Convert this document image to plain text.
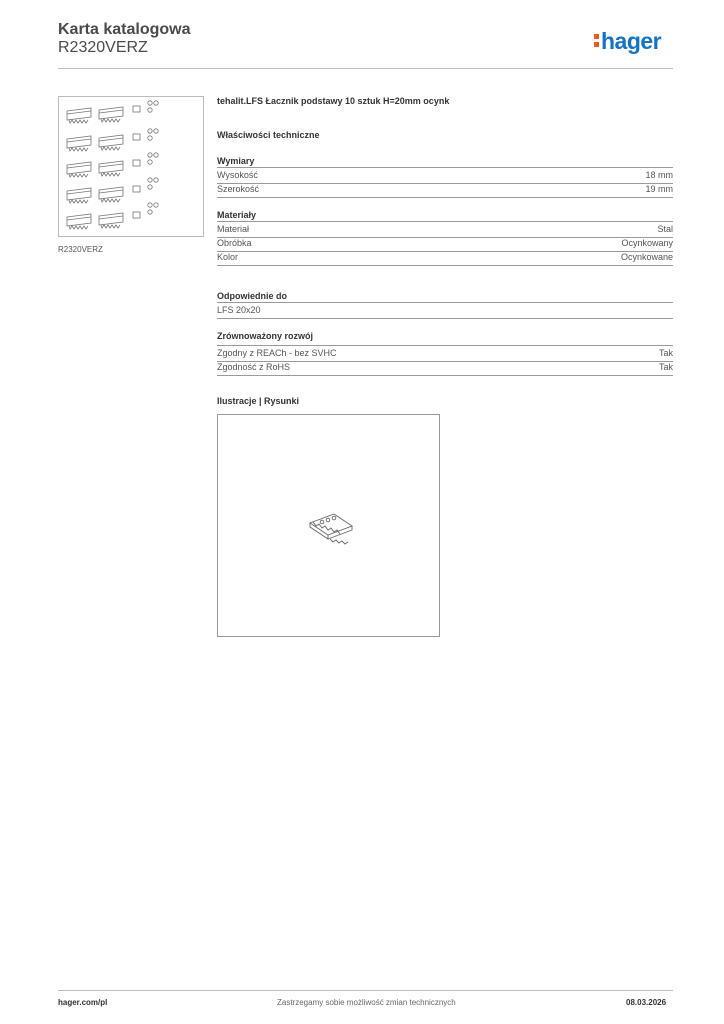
Karta katalogowa
R2320VERZ	hager
R2320VERZ
tehalit.LFS Łacznik podstawy 10 sztuk H=20mm ocynk
Właściwości techniczne
Wymiary
Wysokość	18 mm
Szerokość	19 mm
Materiały
Materiał	Stal
Obróbka	Ocynkowany
Kolor	Ocynkowane
Odpowiednie do
LFS 20x20
Zrównoważony rozwój
Zgodny z REACh - bez SVHC	Tak
Zgodność z RoHS	Tak
Ilustracje | Rysunki
hager.com/pl	Zastrzegamy sobie możliwość zmian technicznych	08.03.2026
